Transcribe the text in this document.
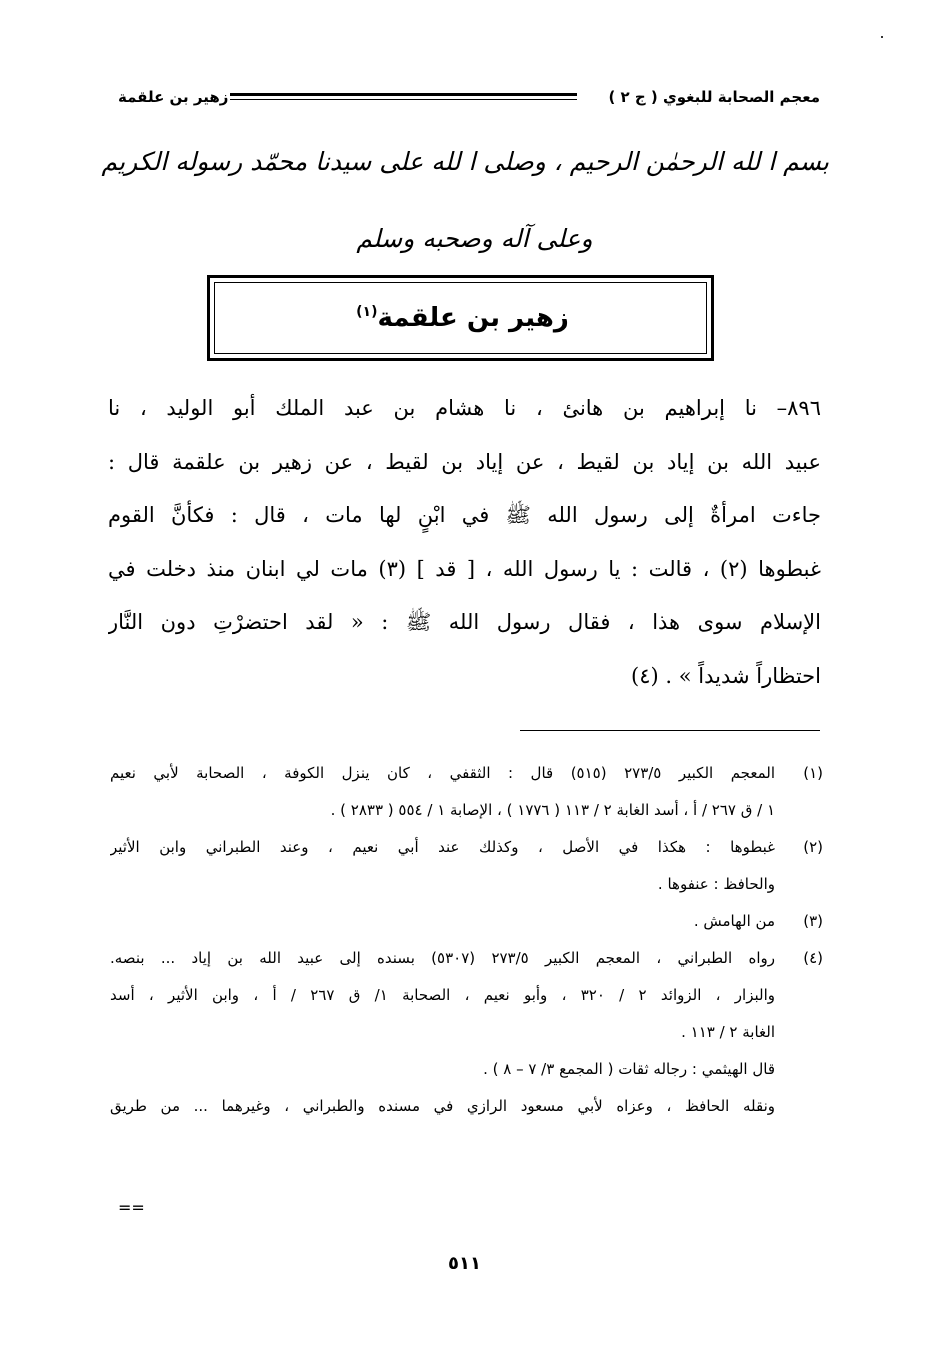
معجم الصحابة للبغوي ( ج ٢ )
زهير بن علقمة
بسم ا لله الرحمٰن الرحيم ، وصلى ا لله على سيدنا محمّد رسوله الكريم
وعلى آله وصحبه وسلم
زهير بن علقمة$^{(١)}$
٨٩٦– نا إبراهيم بن هانئ ، نا هشام بن عبد الملك أبو الوليد ، نا
عبيد الله بن إياد بن لقيط ، عن إياد بن لقيط ، عن زهير بن علقمة قال :
جاءت امرأةٌ إلى رسول الله ﷺ في ابْنٍ لها مات ، قال : فكأنَّ القوم
غبطوها (٢) ، قالت : يا رسول الله ، [ قد ] (٣) مات لي ابنان منذ دخلت في
الإسلام سوى هذا ، فقال رسول الله ﷺ : « لقد احتضرْتِ دون النَّار
احتظاراً شديداً » . (٤)
(١)
المعجم الكبير ٢٧٣/٥ (٥١٥) قال : الثقفي ، كان ينزل الكوفة ، الصحابة لأبي نعيم
١ / ق ٢٦٧ / أ ، أسد الغابة ٢ / ١١٣ ( ١٧٧٦ ) ، الإصابة ١ / ٥٥٤ ( ٢٨٣٣ ) .
(٢)
غبطوها : هكذا في الأصل ، وكذلك عند أبي نعيم ، وعند الطبراني وابن الأثير
والحافظ : عنفوها .
(٣)
من الهامش .
(٤)
رواه الطبراني ، المعجم الكبير ٢٧٣/٥ (٥٣٠٧) بسنده إلى عبيد الله بن إياد ... بنصه.
والبزار ، الزوائد ٢ / ٣٢٠ ، وأبو نعيم ، الصحابة ١/ ق ٢٦٧ / أ ، وابن الأثير ، أسد
الغابة ٢ / ١١٣ .
قال الهيثمي : رجاله ثقات ( المجمع ٣/ ٧ – ٨ ) .
ونقله الحافظ ، وعزاه لأبي مسعود الرازي في مسنده والطبراني ، وغيرهما ... من طريق
==
٥١١
